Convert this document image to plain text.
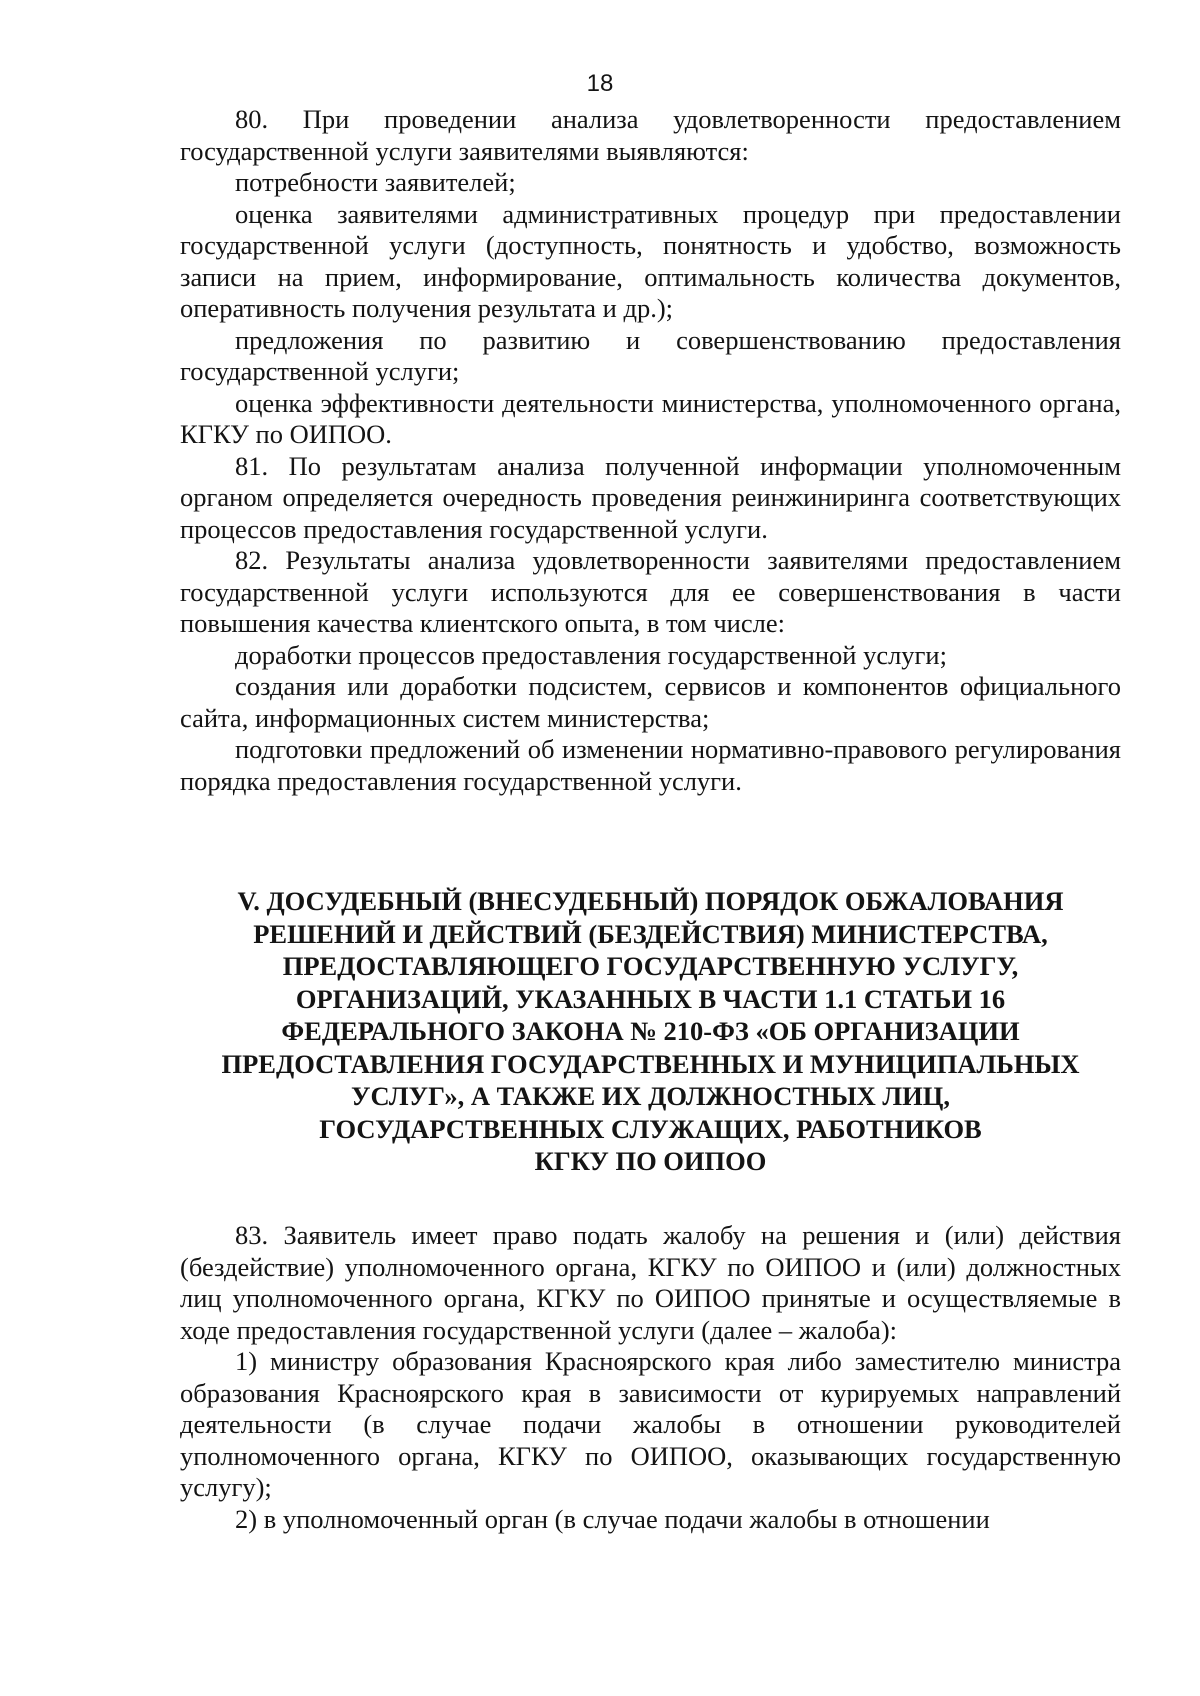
18

80. При проведении анализа удовлетворенности предоставлением государственной услуги заявителями выявляются:

потребности заявителей;

оценка заявителями административных процедур при предоставлении государственной услуги (доступность, понятность и удобство, возможность записи на прием, информирование, оптимальность количества документов, оперативность получения результата и др.);

предложения по развитию и совершенствованию предоставления государственной услуги;

оценка эффективности деятельности министерства, уполномоченного органа, КГКУ по ОИПОО.

81. По результатам анализа полученной информации уполномоченным органом определяется очередность проведения реинжиниринга соответствующих процессов предоставления государственной услуги.

82. Результаты анализа удовлетворенности заявителями предоставлением государственной услуги используются для ее совершенствования в части повышения качества клиентского опыта, в том числе:

доработки процессов предоставления государственной услуги;

создания или доработки подсистем, сервисов и компонентов официального сайта, информационных систем министерства;

подготовки предложений об изменении нормативно-правового регулирования порядка предоставления государственной услуги.

V. ДОСУДЕБНЫЙ (ВНЕСУДЕБНЫЙ) ПОРЯДОК ОБЖАЛОВАНИЯ
РЕШЕНИЙ И ДЕЙСТВИЙ (БЕЗДЕЙСТВИЯ) МИНИСТЕРСТВА,
ПРЕДОСТАВЛЯЮЩЕГО ГОСУДАРСТВЕННУЮ УСЛУГУ,
ОРГАНИЗАЦИЙ, УКАЗАННЫХ В ЧАСТИ 1.1 СТАТЬИ 16
ФЕДЕРАЛЬНОГО ЗАКОНА № 210-ФЗ «ОБ ОРГАНИЗАЦИИ
ПРЕДОСТАВЛЕНИЯ ГОСУДАРСТВЕННЫХ И МУНИЦИПАЛЬНЫХ
УСЛУГ», А ТАКЖЕ ИХ ДОЛЖНОСТНЫХ ЛИЦ,
ГОСУДАРСТВЕННЫХ СЛУЖАЩИХ, РАБОТНИКОВ
КГКУ ПО ОИПОО

83. Заявитель имеет право подать жалобу на решения и (или) действия (бездействие) уполномоченного органа, КГКУ по ОИПОО и (или) должностных лиц уполномоченного органа, КГКУ по ОИПОО принятые и осуществляемые в ходе предоставления государственной услуги (далее – жалоба):

1) министру образования Красноярского края либо заместителю министра образования Красноярского края в зависимости от курируемых направлений деятельности (в случае подачи жалобы в отношении руководителей уполномоченного органа, КГКУ по ОИПОО, оказывающих государственную услугу);

2) в уполномоченный орган (в случае подачи жалобы в отношении
